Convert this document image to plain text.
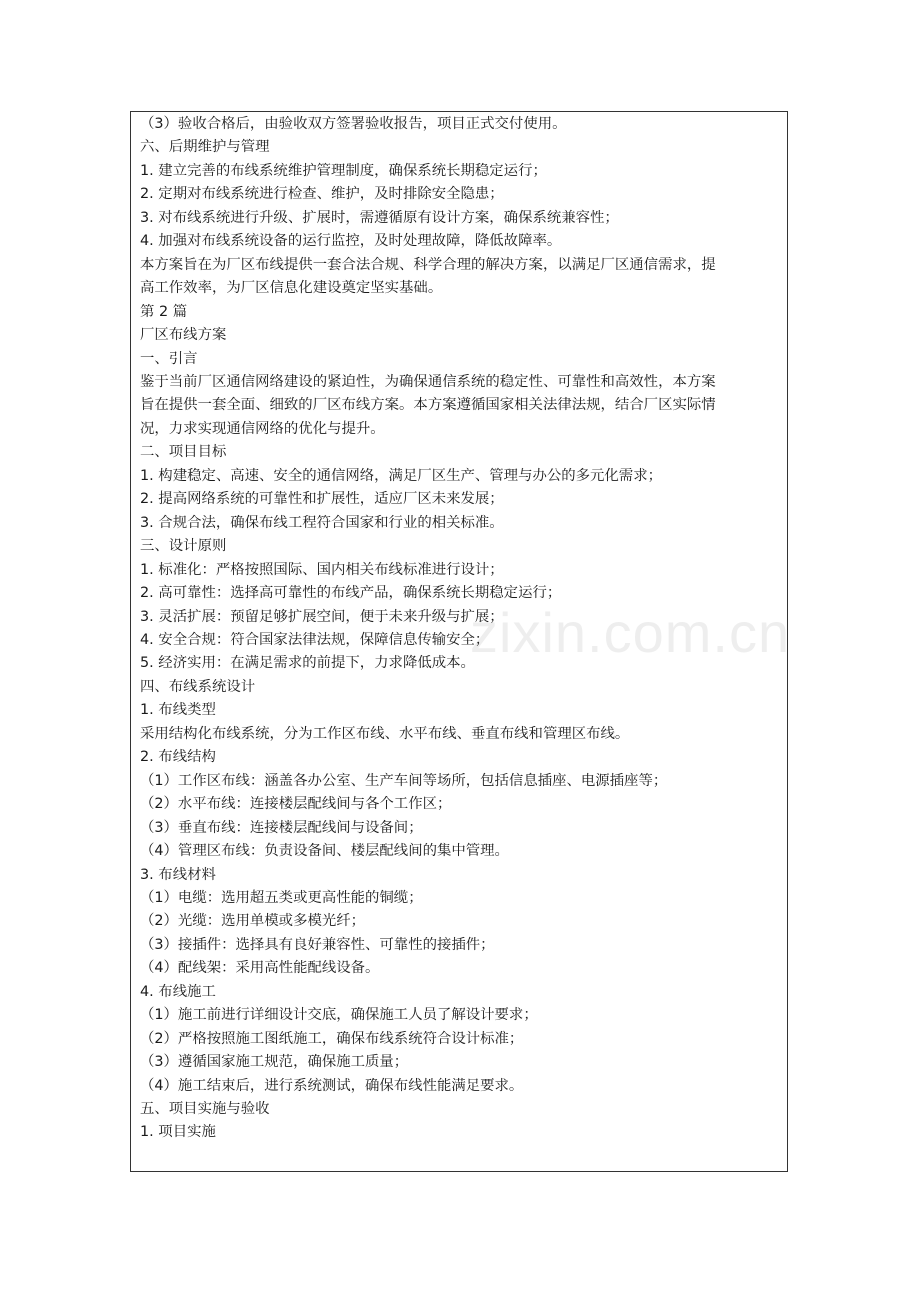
（3）验收合格后，由验收双方签署验收报告，项目正式交付使用。
六、后期维护与管理
1. 建立完善的布线系统维护管理制度，确保系统长期稳定运行；
2. 定期对布线系统进行检查、维护，及时排除安全隐患；
3. 对布线系统进行升级、扩展时，需遵循原有设计方案，确保系统兼容性；
4. 加强对布线系统设备的运行监控，及时处理故障，降低故障率。
本方案旨在为厂区布线提供一套合法合规、科学合理的解决方案，以满足厂区通信需求，提
高工作效率，为厂区信息化建设奠定坚实基础。
第 2 篇
厂区布线方案
一、引言
鉴于当前厂区通信网络建设的紧迫性，为确保通信系统的稳定性、可靠性和高效性，本方案
旨在提供一套全面、细致的厂区布线方案。本方案遵循国家相关法律法规，结合厂区实际情
况，力求实现通信网络的优化与提升。
二、项目目标
1. 构建稳定、高速、安全的通信网络，满足厂区生产、管理与办公的多元化需求；
2. 提高网络系统的可靠性和扩展性，适应厂区未来发展；
3. 合规合法，确保布线工程符合国家和行业的相关标准。
三、设计原则
1. 标准化：严格按照国际、国内相关布线标准进行设计；
2. 高可靠性：选择高可靠性的布线产品，确保系统长期稳定运行；
3. 灵活扩展：预留足够扩展空间，便于未来升级与扩展；
4. 安全合规：符合国家法律法规，保障信息传输安全；
5. 经济实用：在满足需求的前提下，力求降低成本。
四、布线系统设计
1. 布线类型
采用结构化布线系统，分为工作区布线、水平布线、垂直布线和管理区布线。
2. 布线结构
（1）工作区布线：涵盖各办公室、生产车间等场所，包括信息插座、电源插座等；
（2）水平布线：连接楼层配线间与各个工作区；
（3）垂直布线：连接楼层配线间与设备间；
（4）管理区布线：负责设备间、楼层配线间的集中管理。
3. 布线材料
（1）电缆：选用超五类或更高性能的铜缆；
（2）光缆：选用单模或多模光纤；
（3）接插件：选择具有良好兼容性、可靠性的接插件；
（4）配线架：采用高性能配线设备。
4. 布线施工
（1）施工前进行详细设计交底，确保施工人员了解设计要求；
（2）严格按照施工图纸施工，确保布线系统符合设计标准；
（3）遵循国家施工规范，确保施工质量；
（4）施工结束后，进行系统测试，确保布线性能满足要求。
五、项目实施与验收
1. 项目实施
zixin.com.cn
